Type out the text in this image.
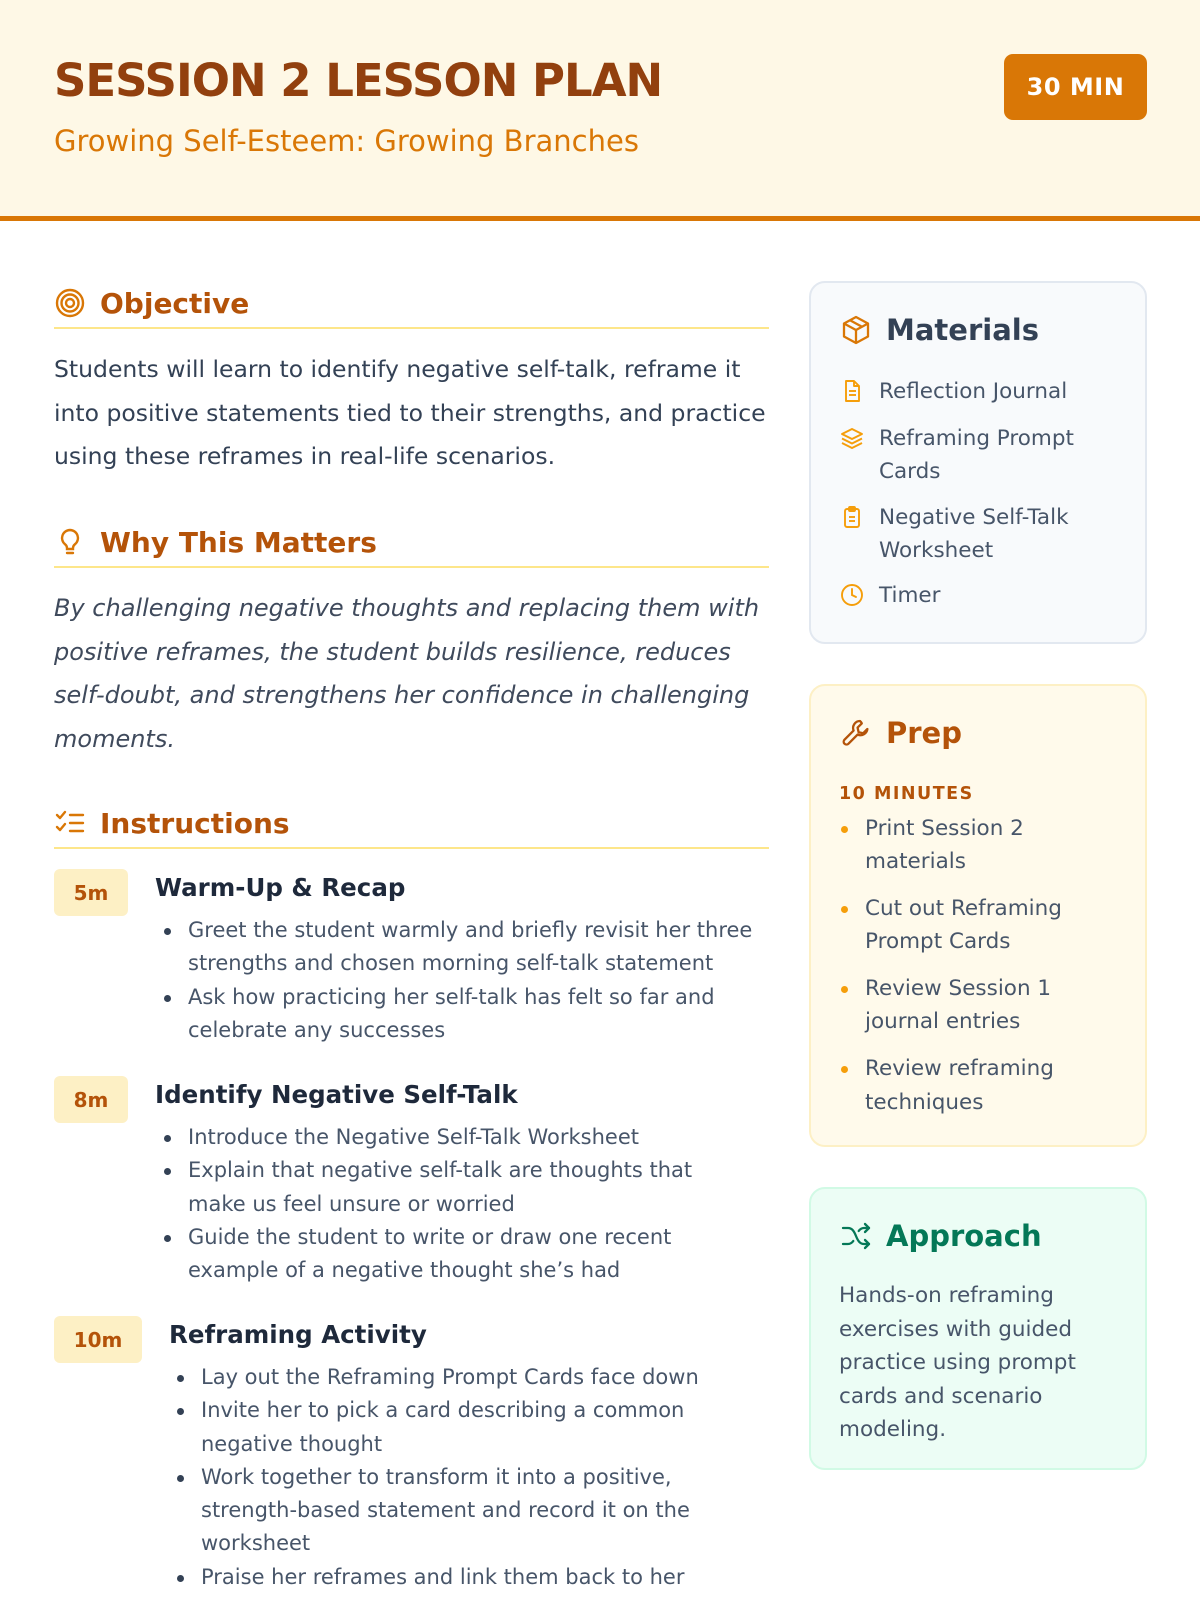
SESSION 2 LESSON PLAN
Growing Self-Esteem: Growing Branches
30 MIN
Objective
Students will learn to identify negative self-talk, reframe it into positive statements tied to their strengths, and practice using these reframes in real-life scenarios.
Why This Matters
By challenging negative thoughts and replacing them with positive reframes, the student builds resilience, reduces self-doubt, and strengthens her confidence in challenging moments.
Instructions
5m	Warm-Up & Recap
Greet the student warmly and briefly revisit her three strengths and chosen morning self-talk statement
Ask how practicing her self-talk has felt so far and celebrate any successes
8m	Identify Negative Self-Talk
Introduce the Negative Self-Talk Worksheet
Explain that negative self-talk are thoughts that make us feel unsure or worried
Guide the student to write or draw one recent example of a negative thought she’s had
10m	Reframing Activity
Lay out the Reframing Prompt Cards face down
Invite her to pick a card describing a common negative thought
Work together to transform it into a positive, strength-based statement and record it on the worksheet
Praise her reframes and link them back to her
Materials
Reflection Journal
Reframing Prompt Cards
Negative Self-Talk Worksheet
Timer
Prep
10 MINUTES
Print Session 2 materials
Cut out Reframing Prompt Cards
Review Session 1 journal entries
Review reframing techniques
Approach
Hands-on reframing exercises with guided practice using prompt cards and scenario modeling.
